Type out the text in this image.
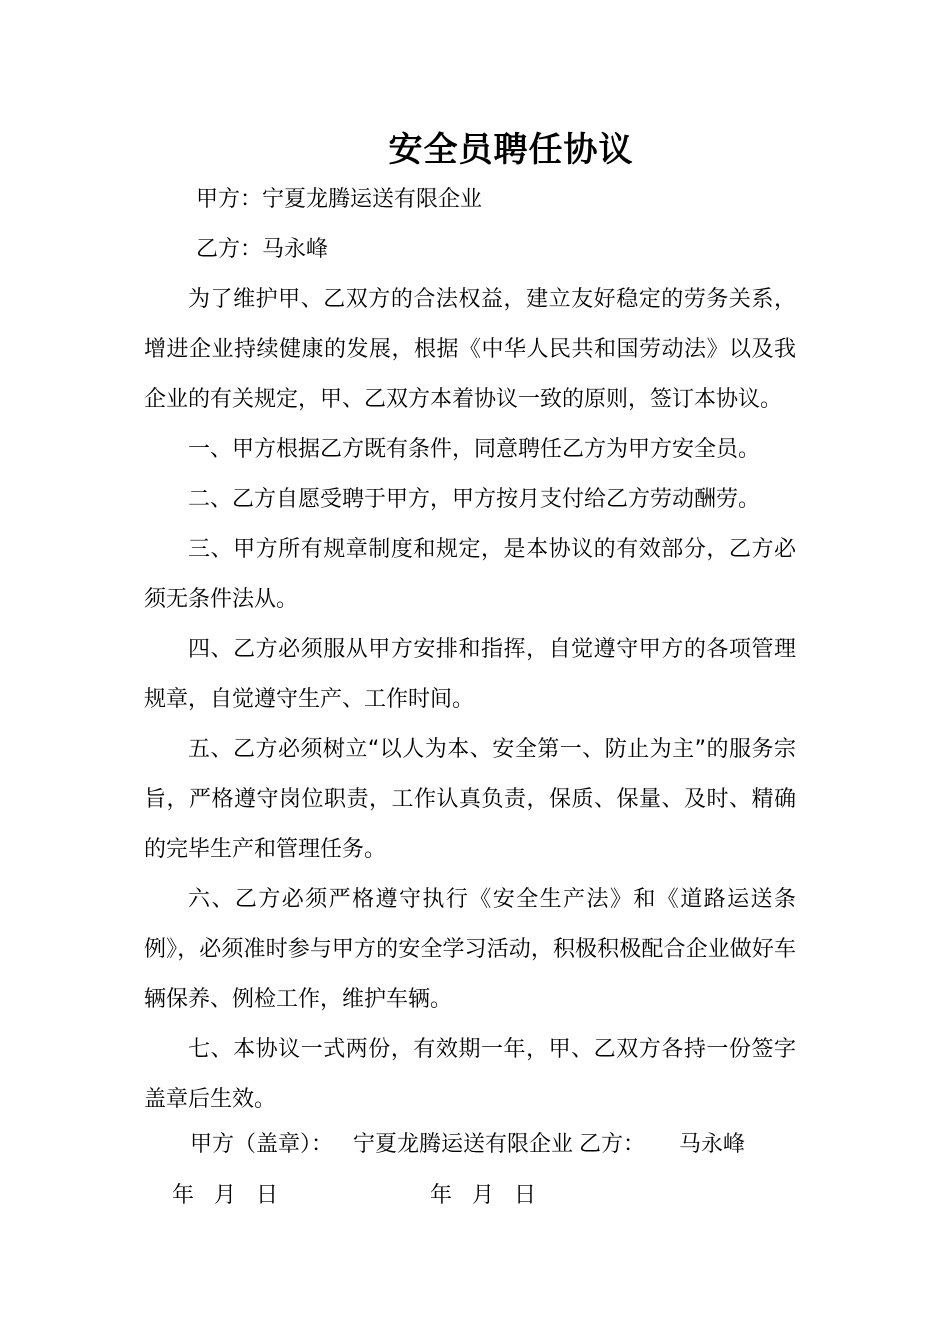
安全员聘任协议
甲方：宁夏龙腾运送有限企业
乙方：马永峰

为了维护甲、乙双方的合法权益，建立友好稳定的劳务关系，增进企业持续健康的发展，根据《中华人民共和国劳动法》以及我企业的有关规定，甲、乙双方本着协议一致的原则，签订本协议。

一、甲方根据乙方既有条件，同意聘任乙方为甲方安全员。

二、乙方自愿受聘于甲方，甲方按月支付给乙方劳动酬劳。

三、甲方所有规章制度和规定，是本协议的有效部分，乙方必须无条件法从。

四、乙方必须服从甲方安排和指挥，自觉遵守甲方的各项管理规章，自觉遵守生产、工作时间。

五、乙方必须树立“以人为本、安全第一、防止为主”的服务宗旨，严格遵守岗位职责，工作认真负责，保质、保量、及时、精确的完毕生产和管理任务。

六、乙方必须严格遵守执行《安全生产法》和《道路运送条例》，必须准时参与甲方的安全学习活动，积极积极配合企业做好车辆保养、例检工作，维护车辆。

七、本协议一式两份，有效期一年，甲、乙双方各持一份签字盖章后生效。

甲方（盖章）： 宁夏龙腾运送有限企业 乙方： 马永峰
年 月 日	年 月 日
